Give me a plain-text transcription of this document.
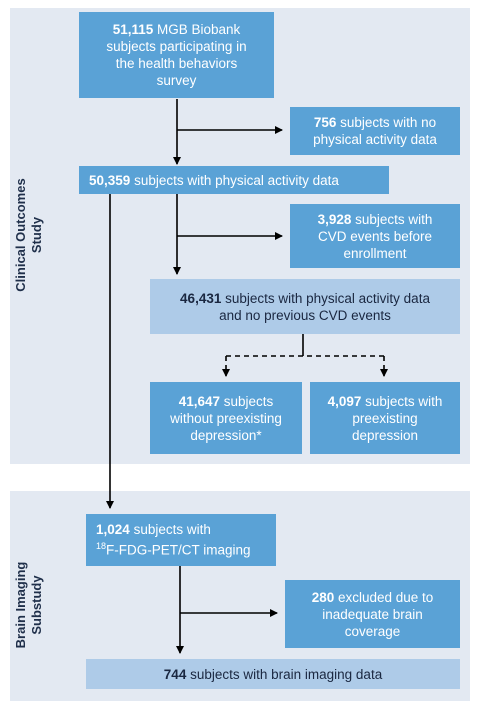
Clinical Outcomes Study
Brain Imaging Substudy
51,115 MGB Biobank
subjects participating in
the health behaviors
survey
756 subjects with no
physical activity data
50,359 subjects with physical activity data
3,928 subjects with
CVD events before
enrollment
46,431 subjects with physical activity data
and no previous CVD events
41,647 subjects
without preexisting
depression*
4,097 subjects with
preexisting
depression
1,024 subjects with
$^{18}$F-FDG-PET/CT imaging
280 excluded due to
inadequate brain
coverage
744 subjects with brain imaging data
